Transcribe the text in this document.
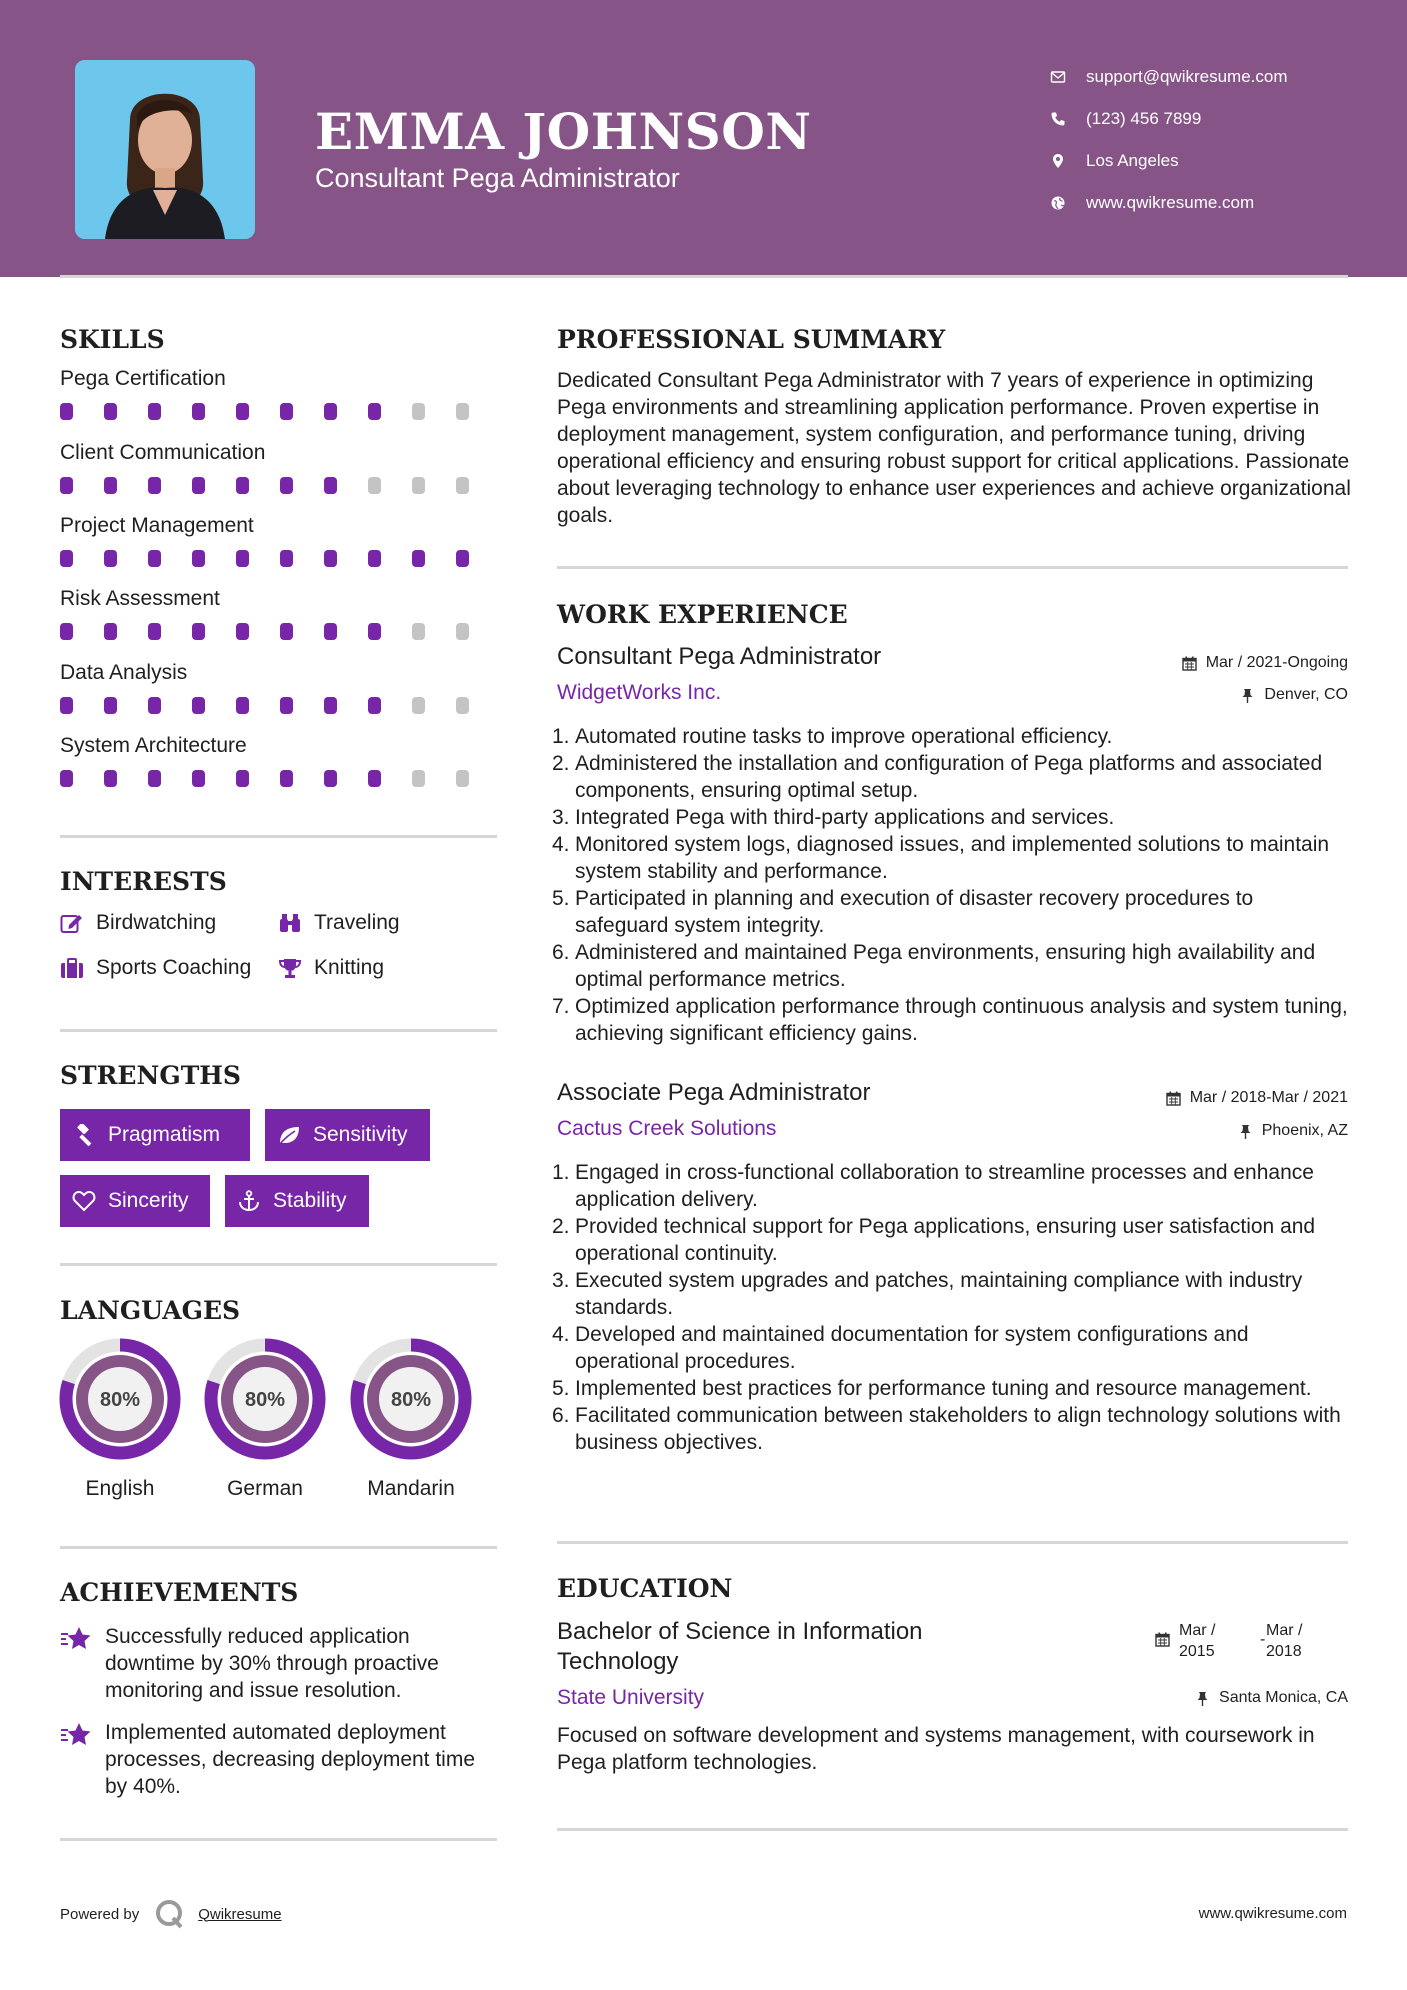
EMMA JOHNSON
Consultant Pega Administrator
support@qwikresume.com
(123) 456 7899
Los Angeles
www.qwikresume.com
SKILLS
Pega Certification
Client Communication
Project Management
Risk Assessment
Data Analysis
System Architecture
INTERESTS
Birdwatching	Traveling
Sports Coaching	Knitting
STRENGTHS
Pragmatism	Sensitivity
Sincerity	Stability
LANGUAGES
80%
English
80%
German
80%
Mandarin
ACHIEVEMENTS
Successfully reduced application downtime by 30% through proactive monitoring and issue resolution.
Implemented automated deployment processes, decreasing deployment time by 40%.
PROFESSIONAL SUMMARY
Dedicated Consultant Pega Administrator with 7 years of experience in optimizing Pega environments and streamlining application performance. Proven expertise in deployment management, system configuration, and performance tuning, driving operational efficiency and ensuring robust support for critical applications. Passionate about leveraging technology to enhance user experiences and achieve organizational goals.
WORK EXPERIENCE
Consultant Pega Administrator	Mar / 2021-Ongoing
WidgetWorks Inc.	Denver, CO
1. Automated routine tasks to improve operational efficiency.
2. Administered the installation and configuration of Pega platforms and associated components, ensuring optimal setup.
3. Integrated Pega with third-party applications and services.
4. Monitored system logs, diagnosed issues, and implemented solutions to maintain system stability and performance.
5. Participated in planning and execution of disaster recovery procedures to safeguard system integrity.
6. Administered and maintained Pega environments, ensuring high availability and optimal performance metrics.
7. Optimized application performance through continuous analysis and system tuning, achieving significant efficiency gains.
Associate Pega Administrator	Mar / 2018-Mar / 2021
Cactus Creek Solutions	Phoenix, AZ
1. Engaged in cross-functional collaboration to streamline processes and enhance application delivery.
2. Provided technical support for Pega applications, ensuring user satisfaction and operational continuity.
3. Executed system upgrades and patches, maintaining compliance with industry standards.
4. Developed and maintained documentation for system configurations and operational procedures.
5. Implemented best practices for performance tuning and resource management.
6. Facilitated communication between stakeholders to align technology solutions with business objectives.
EDUCATION
Bachelor of Science in Information
Technology
Mar /
2015
-
Mar /
2018
State University	Santa Monica, CA
Focused on software development and systems management, with coursework in Pega platform technologies.
Powered by	Qwikresume	www.qwikresume.com
